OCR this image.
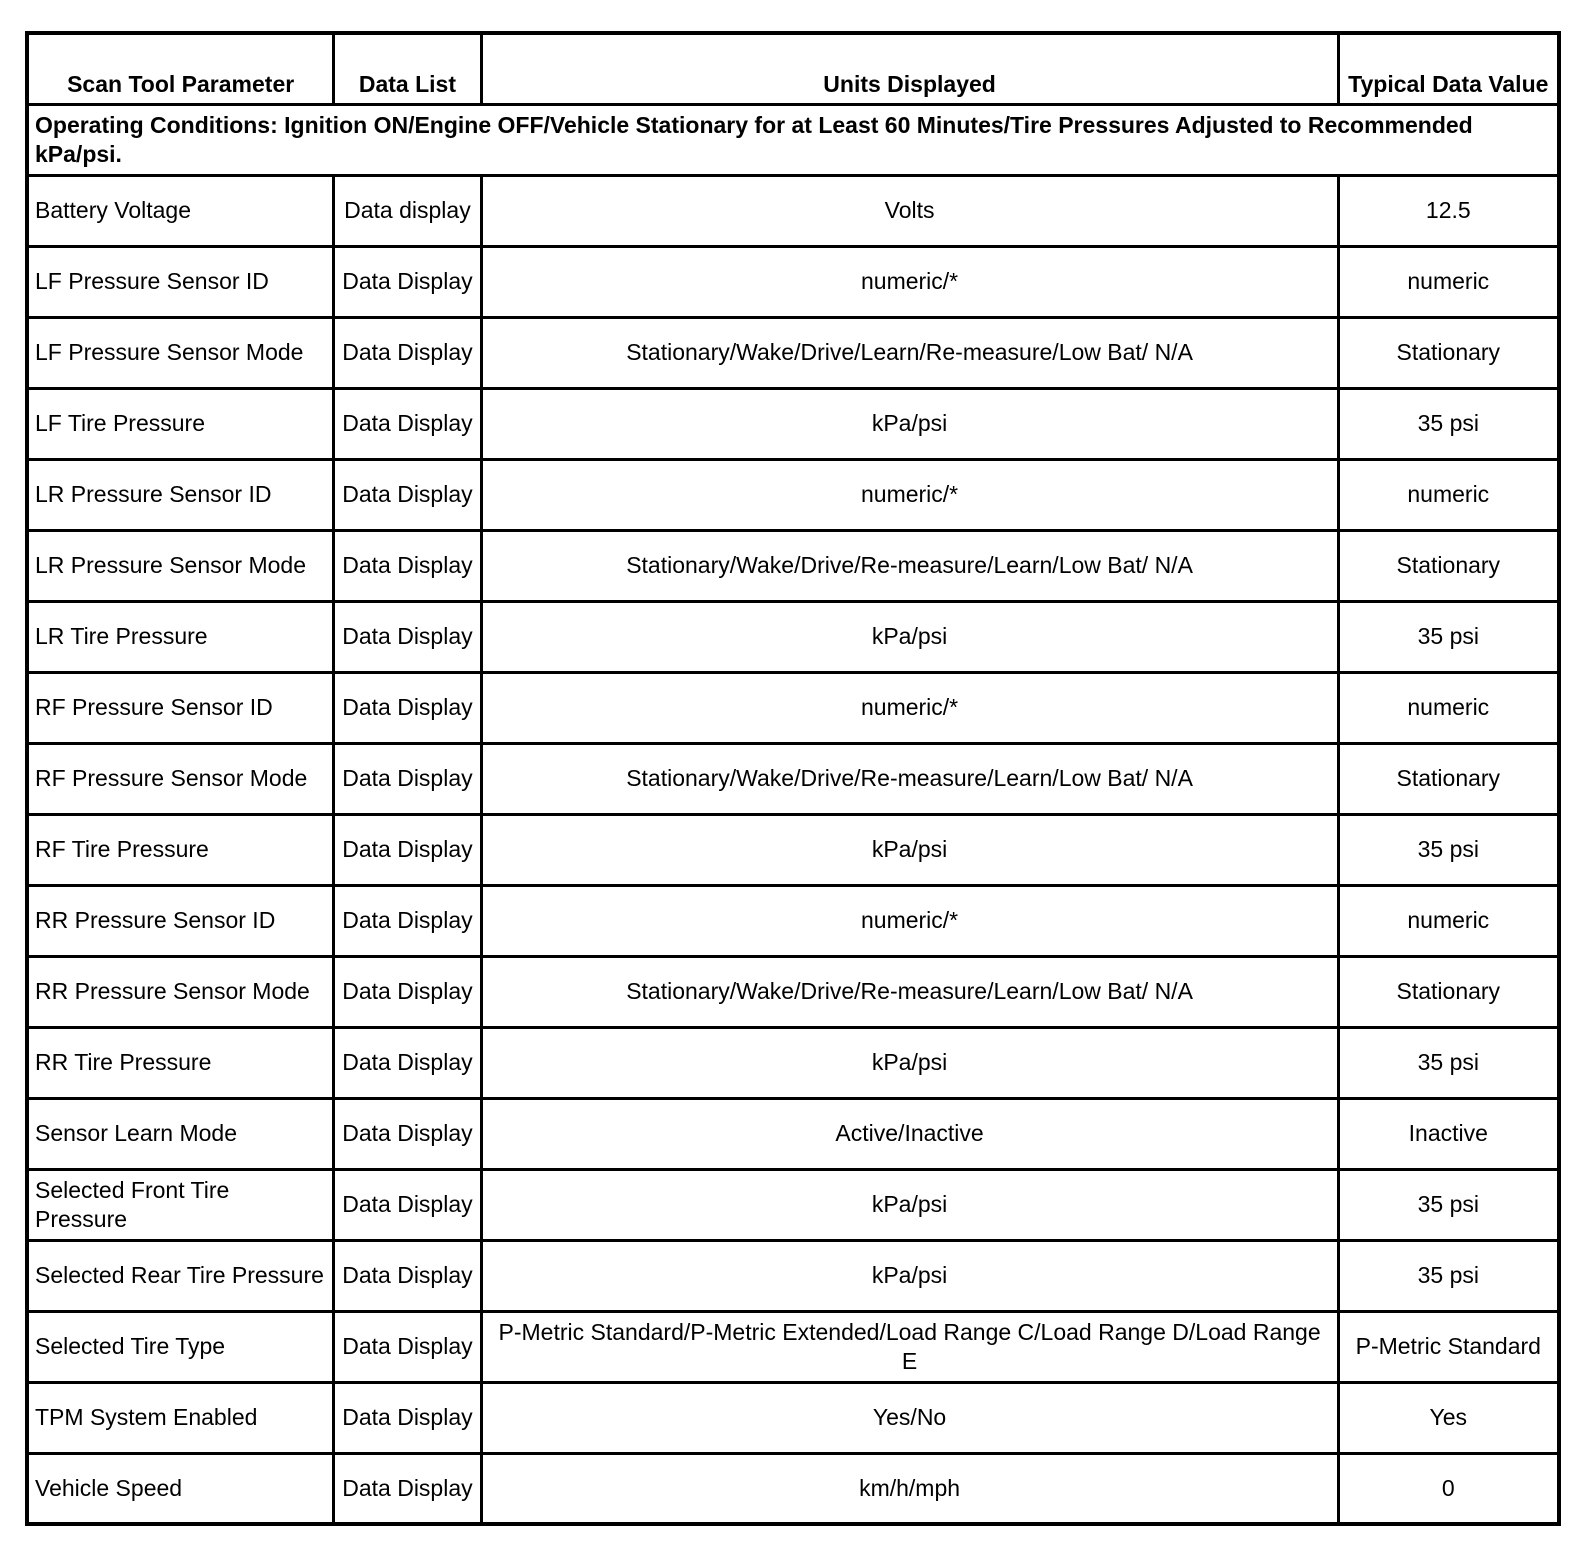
Scan Tool Parameter	Data List	Units Displayed	Typical Data Value
Operating Conditions: Ignition ON/Engine OFF/Vehicle Stationary for at Least 60 Minutes/Tire Pressures Adjusted to Recommended kPa/psi.			
Battery Voltage	Data display	Volts	12.5
LF Pressure Sensor ID	Data Display	numeric/*	numeric
LF Pressure Sensor Mode	Data Display	Stationary/Wake/Drive/Learn/Re-measure/Low Bat/ N/A	Stationary
LF Tire Pressure	Data Display	kPa/psi	35 psi
LR Pressure Sensor ID	Data Display	numeric/*	numeric
LR Pressure Sensor Mode	Data Display	Stationary/Wake/Drive/Re-measure/Learn/Low Bat/ N/A	Stationary
LR Tire Pressure	Data Display	kPa/psi	35 psi
RF Pressure Sensor ID	Data Display	numeric/*	numeric
RF Pressure Sensor Mode	Data Display	Stationary/Wake/Drive/Re-measure/Learn/Low Bat/ N/A	Stationary
RF Tire Pressure	Data Display	kPa/psi	35 psi
RR Pressure Sensor ID	Data Display	numeric/*	numeric
RR Pressure Sensor Mode	Data Display	Stationary/Wake/Drive/Re-measure/Learn/Low Bat/ N/A	Stationary
RR Tire Pressure	Data Display	kPa/psi	35 psi
Sensor Learn Mode	Data Display	Active/Inactive	Inactive
Selected Front Tire Pressure	Data Display	kPa/psi	35 psi
Selected Rear Tire Pressure	Data Display	kPa/psi	35 psi
Selected Tire Type	Data Display	P-Metric Standard/P-Metric Extended/Load Range C/Load Range D/Load Range E	P-Metric Standard
TPM System Enabled	Data Display	Yes/No	Yes
Vehicle Speed	Data Display	km/h/mph	0
